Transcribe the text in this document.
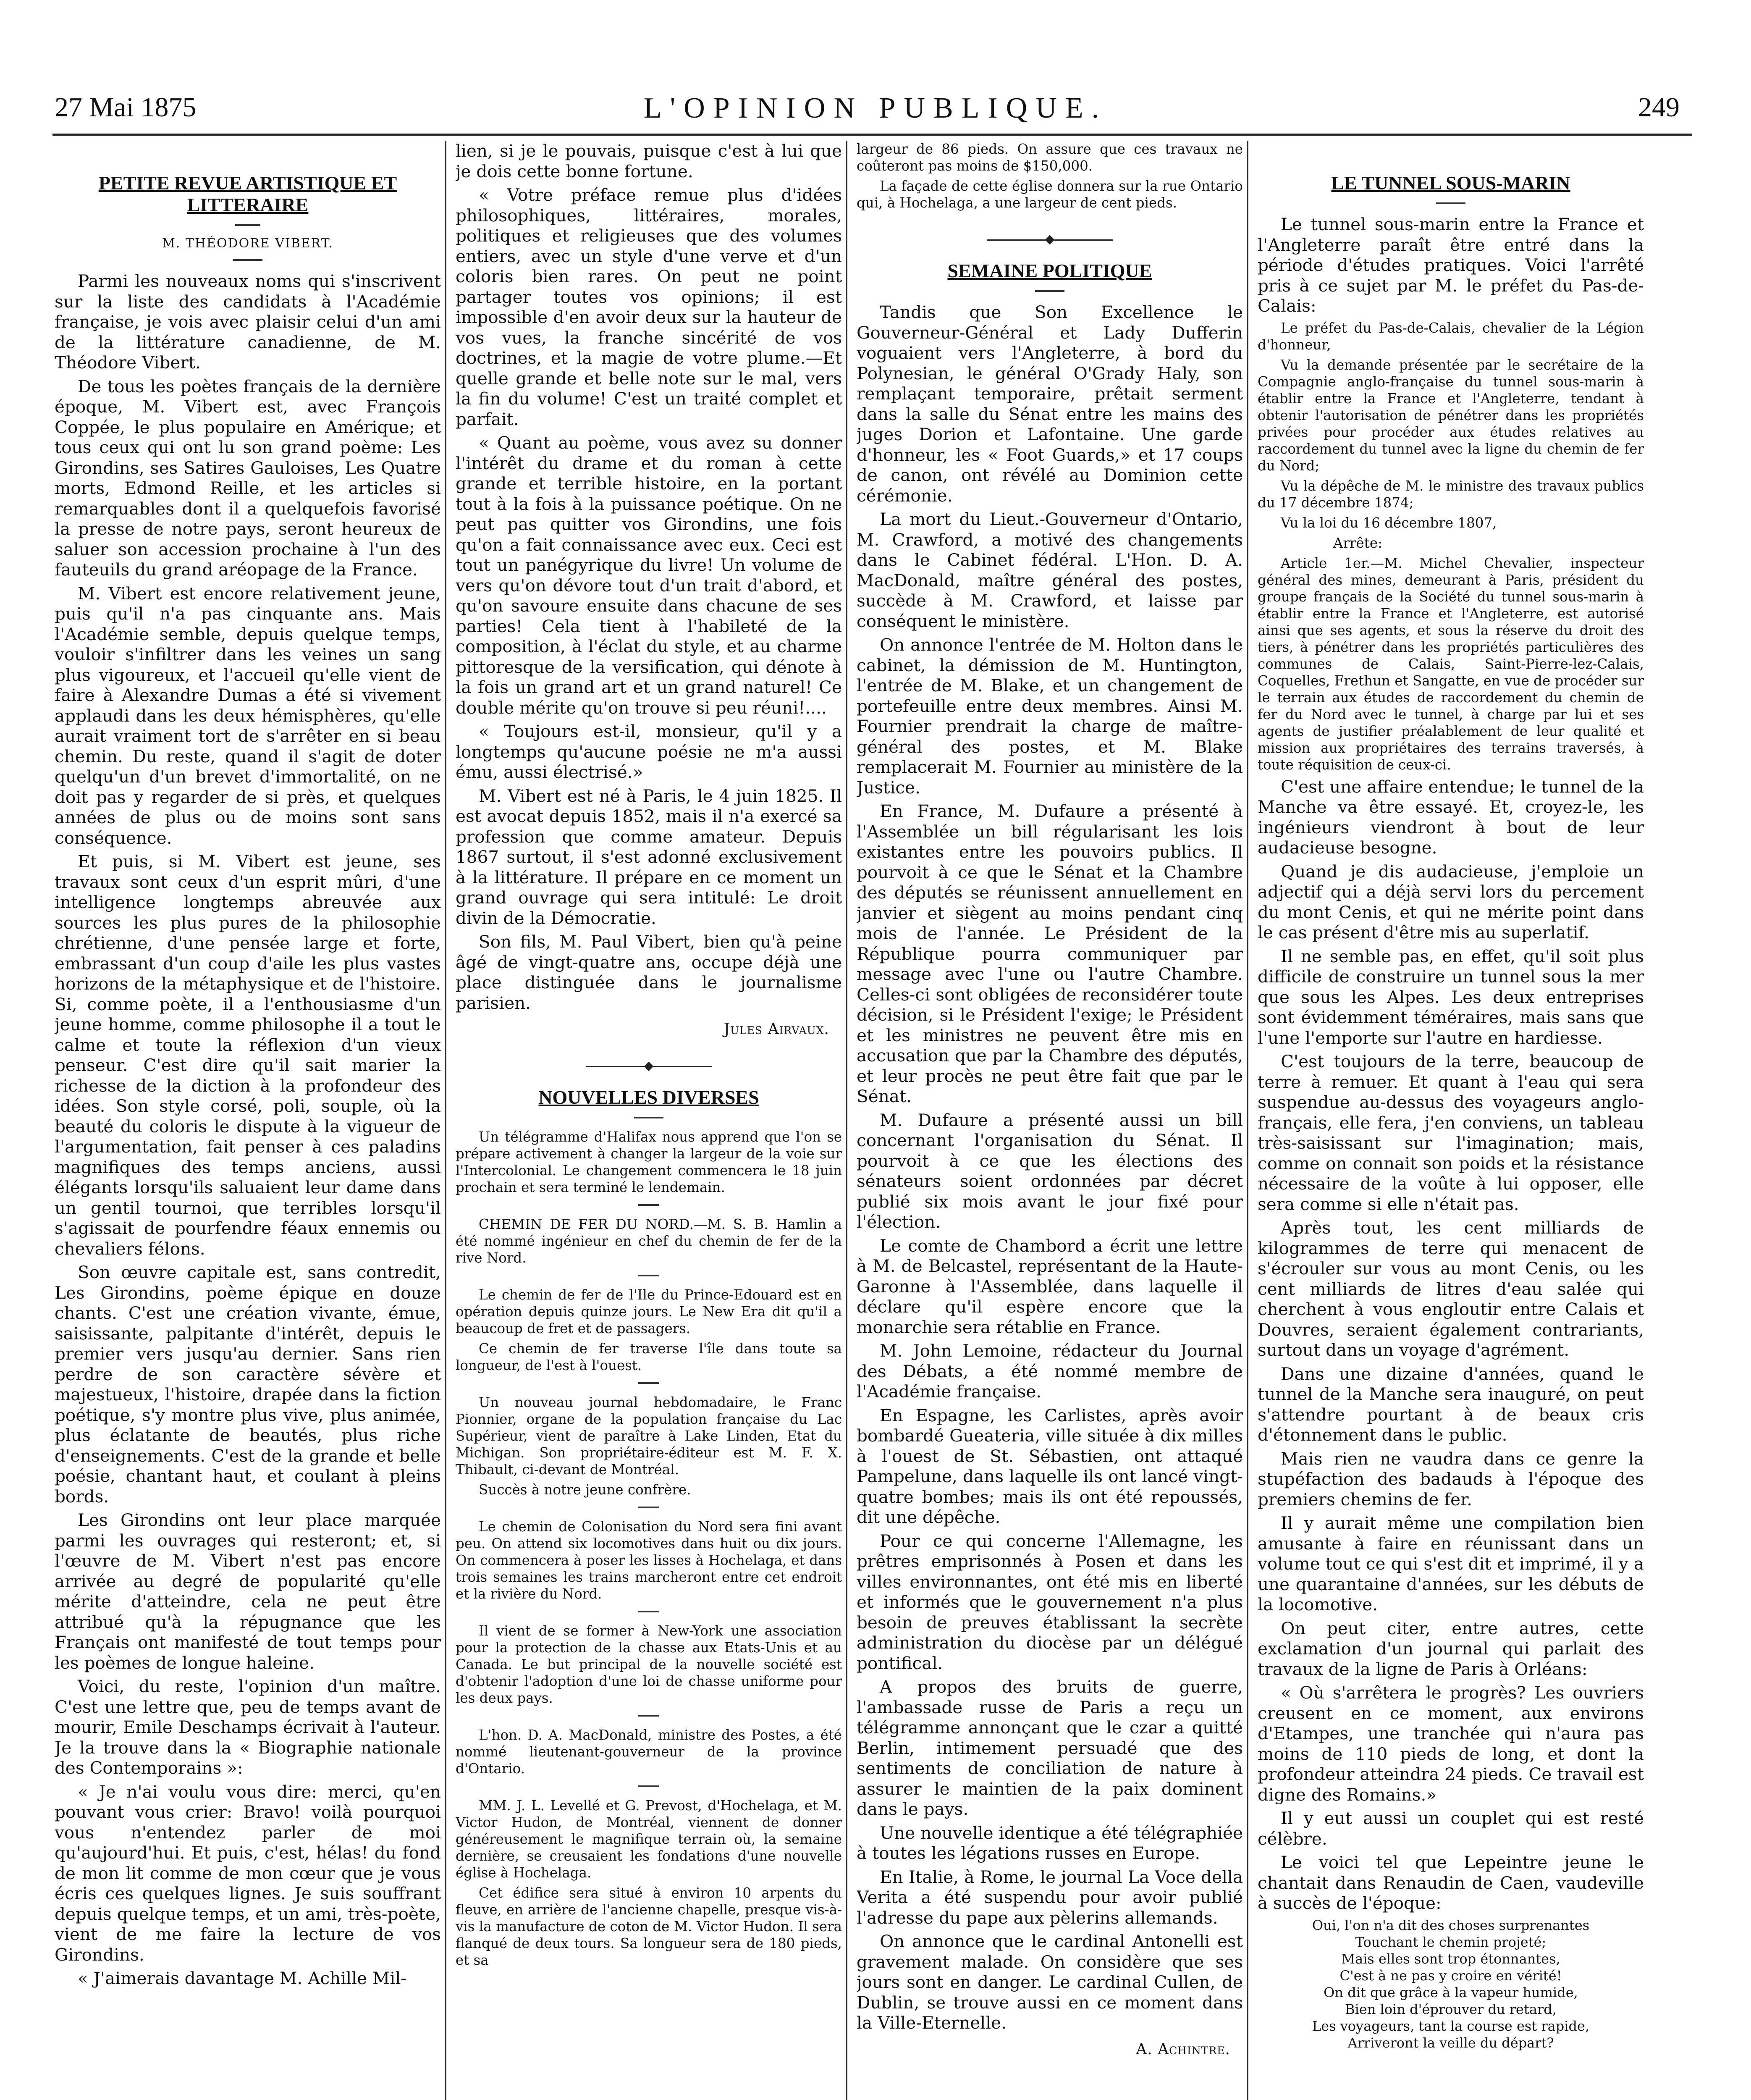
27 Mai 1875	L'OPINION PUBLIQUE.	249
PETITE REVUE ARTISTIQUE ET LITTERAIRE
M. THÉODORE VIBERT.

Parmi les nouveaux noms qui s'inscrivent sur la liste des candidats à l'Académie française, je vois avec plaisir celui d'un ami de la littérature canadienne, de M. Théodore Vibert.

De tous les poètes français de la dernière époque, M. Vibert est, avec François Coppée, le plus populaire en Amérique; et tous ceux qui ont lu son grand poème: Les Girondins, ses Satires Gauloises, Les Quatre morts, Edmond Reille, et les articles si remarquables dont il a quelquefois favorisé la presse de notre pays, seront heureux de saluer son accession prochaine à l'un des fauteuils du grand aréopage de la France.

M. Vibert est encore relativement jeune, puis qu'il n'a pas cinquante ans. Mais l'Académie semble, depuis quelque temps, vouloir s'infiltrer dans les veines un sang plus vigoureux, et l'accueil qu'elle vient de faire à Alexandre Dumas a été si vivement applaudi dans les deux hémisphères, qu'elle aurait vraiment tort de s'arrêter en si beau chemin. Du reste, quand il s'agit de doter quelqu'un d'un brevet d'immortalité, on ne doit pas y regarder de si près, et quelques années de plus ou de moins sont sans conséquence.

Et puis, si M. Vibert est jeune, ses travaux sont ceux d'un esprit mûri, d'une intelligence longtemps abreuvée aux sources les plus pures de la philosophie chrétienne, d'une pensée large et forte, embrassant d'un coup d'aile les plus vastes horizons de la métaphysique et de l'histoire. Si, comme poète, il a l'enthousiasme d'un jeune homme, comme philosophe il a tout le calme et toute la réflexion d'un vieux penseur. C'est dire qu'il sait marier la richesse de la diction à la profondeur des idées. Son style corsé, poli, souple, où la beauté du coloris le dispute à la vigueur de l'argumentation, fait penser à ces paladins magnifiques des temps anciens, aussi élégants lorsqu'ils saluaient leur dame dans un gentil tournoi, que terribles lorsqu'il s'agissait de pourfendre féaux ennemis ou chevaliers félons.

Son œuvre capitale est, sans contredit, Les Girondins, poème épique en douze chants. C'est une création vivante, émue, saisissante, palpitante d'intérêt, depuis le premier vers jusqu'au dernier. Sans rien perdre de son caractère sévère et majestueux, l'histoire, drapée dans la fiction poétique, s'y montre plus vive, plus animée, plus éclatante de beautés, plus riche d'enseignements. C'est de la grande et belle poésie, chantant haut, et coulant à pleins bords.

Les Girondins ont leur place marquée parmi les ouvrages qui resteront; et, si l'œuvre de M. Vibert n'est pas encore arrivée au degré de popularité qu'elle mérite d'atteindre, cela ne peut être attribué qu'à la répugnance que les Français ont manifesté de tout temps pour les poèmes de longue haleine.

Voici, du reste, l'opinion d'un maître. C'est une lettre que, peu de temps avant de mourir, Emile Deschamps écrivait à l'auteur. Je la trouve dans la « Biographie nationale des Contemporains »:

« Je n'ai voulu vous dire: merci, qu'en pouvant vous crier: Bravo! voilà pourquoi vous n'entendez parler de moi qu'aujourd'hui. Et puis, c'est, hélas! du fond de mon lit comme de mon cœur que je vous écris ces quelques lignes. Je suis souffrant depuis quelque temps, et un ami, très-poète, vient de me faire la lecture de vos Girondins.

« J'aimerais davantage M. Achille Mil-

lien, si je le pouvais, puisque c'est à lui que je dois cette bonne fortune.

« Votre préface remue plus d'idées philosophiques, littéraires, morales, politiques et religieuses que des volumes entiers, avec un style d'une verve et d'un coloris bien rares. On peut ne point partager toutes vos opinions; il est impossible d'en avoir deux sur la hauteur de vos vues, la franche sincérité de vos doctrines, et la magie de votre plume.—Et quelle grande et belle note sur le mal, vers la fin du volume! C'est un traité complet et parfait.

« Quant au poème, vous avez su donner l'intérêt du drame et du roman à cette grande et terrible histoire, en la portant tout à la fois à la puissance poétique. On ne peut pas quitter vos Girondins, une fois qu'on a fait connaissance avec eux. Ceci est tout un panégyrique du livre! Un volume de vers qu'on dévore tout d'un trait d'abord, et qu'on savoure ensuite dans chacune de ses parties! Cela tient à l'habileté de la composition, à l'éclat du style, et au charme pittoresque de la versification, qui dénote à la fois un grand art et un grand naturel! Ce double mérite qu'on trouve si peu réuni!....

« Toujours est-il, monsieur, qu'il y a longtemps qu'aucune poésie ne m'a aussi ému, aussi électrisé.»

M. Vibert est né à Paris, le 4 juin 1825. Il est avocat depuis 1852, mais il n'a exercé sa profession que comme amateur. Depuis 1867 surtout, il s'est adonné exclusivement à la littérature. Il prépare en ce moment un grand ouvrage qui sera intitulé: Le droit divin de la Démocratie.

Son fils, M. Paul Vibert, bien qu'à peine âgé de vingt-quatre ans, occupe déjà une place distinguée dans le journalisme parisien.

Jules Airvaux.
NOUVELLES DIVERSES

Un télégramme d'Halifax nous apprend que l'on se prépare activement à changer la largeur de la voie sur l'Intercolonial. Le changement commencera le 18 juin prochain et sera terminé le lendemain.

CHEMIN DE FER DU NORD.—M. S. B. Hamlin a été nommé ingénieur en chef du chemin de fer de la rive Nord.

Le chemin de fer de l'Ile du Prince-Edouard est en opération depuis quinze jours. Le New Era dit qu'il a beaucoup de fret et de passagers.

Ce chemin de fer traverse l'île dans toute sa longueur, de l'est à l'ouest.

Un nouveau journal hebdomadaire, le Franc Pionnier, organe de la population française du Lac Supérieur, vient de paraître à Lake Linden, Etat du Michigan. Son propriétaire-éditeur est M. F. X. Thibault, ci-devant de Montréal.

Succès à notre jeune confrère.

Le chemin de Colonisation du Nord sera fini avant peu. On attend six locomotives dans huit ou dix jours. On commencera à poser les lisses à Hochelaga, et dans trois semaines les trains marcheront entre cet endroit et la rivière du Nord.

Il vient de se former à New-York une association pour la protection de la chasse aux Etats-Unis et au Canada. Le but principal de la nouvelle société est d'obtenir l'adoption d'une loi de chasse uniforme pour les deux pays.

L'hon. D. A. MacDonald, ministre des Postes, a été nommé lieutenant-gouverneur de la province d'Ontario.

MM. J. L. Levellé et G. Prevost, d'Hochelaga, et M. Victor Hudon, de Montréal, viennent de donner généreusement le magnifique terrain où, la semaine dernière, se creusaient les fondations d'une nouvelle église à Hochelaga.

Cet édifice sera situé à environ 10 arpents du fleuve, en arrière de l'ancienne chapelle, presque vis-à-vis la manufacture de coton de M. Victor Hudon. Il sera flanqué de deux tours. Sa longueur sera de 180 pieds, et sa

largeur de 86 pieds. On assure que ces travaux ne coûteront pas moins de $150,000.

La façade de cette église donnera sur la rue Ontario qui, à Hochelaga, a une largeur de cent pieds.

SEMAINE POLITIQUE

Tandis que Son Excellence le Gouverneur-Général et Lady Dufferin voguaient vers l'Angleterre, à bord du Polynesian, le général O'Grady Haly, son remplaçant temporaire, prêtait serment dans la salle du Sénat entre les mains des juges Dorion et Lafontaine. Une garde d'honneur, les « Foot Guards,» et 17 coups de canon, ont révélé au Dominion cette cérémonie.

La mort du Lieut.-Gouverneur d'Ontario, M. Crawford, a motivé des changements dans le Cabinet fédéral. L'Hon. D. A. MacDonald, maître général des postes, succède à M. Crawford, et laisse par conséquent le ministère.

On annonce l'entrée de M. Holton dans le cabinet, la démission de M. Huntington, l'entrée de M. Blake, et un changement de portefeuille entre deux membres. Ainsi M. Fournier prendrait la charge de maître-général des postes, et M. Blake remplacerait M. Fournier au ministère de la Justice.

En France, M. Dufaure a présenté à l'Assemblée un bill régularisant les lois existantes entre les pouvoirs publics. Il pourvoit à ce que le Sénat et la Chambre des députés se réunissent annuellement en janvier et siègent au moins pendant cinq mois de l'année. Le Président de la République pourra communiquer par message avec l'une ou l'autre Chambre. Celles-ci sont obligées de reconsidérer toute décision, si le Président l'exige; le Président et les ministres ne peuvent être mis en accusation que par la Chambre des députés, et leur procès ne peut être fait que par le Sénat.

M. Dufaure a présenté aussi un bill concernant l'organisation du Sénat. Il pourvoit à ce que les élections des sénateurs soient ordonnées par décret publié six mois avant le jour fixé pour l'élection.

Le comte de Chambord a écrit une lettre à M. de Belcastel, représentant de la Haute-Garonne à l'Assemblée, dans laquelle il déclare qu'il espère encore que la monarchie sera rétablie en France.

M. John Lemoine, rédacteur du Journal des Débats, a été nommé membre de l'Académie française.

En Espagne, les Carlistes, après avoir bombardé Gueateria, ville située à dix milles à l'ouest de St. Sébastien, ont attaqué Pampelune, dans laquelle ils ont lancé vingt-quatre bombes; mais ils ont été repoussés, dit une dépêche.

Pour ce qui concerne l'Allemagne, les prêtres emprisonnés à Posen et dans les villes environnantes, ont été mis en liberté et informés que le gouvernement n'a plus besoin de preuves établissant la secrète administration du diocèse par un délégué pontifical.

A propos des bruits de guerre, l'ambassade russe de Paris a reçu un télégramme annonçant que le czar a quitté Berlin, intimement persuadé que des sentiments de conciliation de nature à assurer le maintien de la paix dominent dans le pays.

Une nouvelle identique a été télégraphiée à toutes les légations russes en Europe.

En Italie, à Rome, le journal La Voce della Verita a été suspendu pour avoir publié l'adresse du pape aux pèlerins allemands.

On annonce que le cardinal Antonelli est gravement malade. On considère que ses jours sont en danger. Le cardinal Cullen, de Dublin, se trouve aussi en ce moment dans la Ville-Eternelle.

A. Achintre.
LE TUNNEL SOUS-MARIN

Le tunnel sous-marin entre la France et l'Angleterre paraît être entré dans la période d'études pratiques. Voici l'arrêté pris à ce sujet par M. le préfet du Pas-de-Calais:

Le préfet du Pas-de-Calais, chevalier de la Légion d'honneur,

Vu la demande présentée par le secrétaire de la Compagnie anglo-française du tunnel sous-marin à établir entre la France et l'Angleterre, tendant à obtenir l'autorisation de pénétrer dans les propriétés privées pour procéder aux études relatives au raccordement du tunnel avec la ligne du chemin de fer du Nord;

Vu la dépêche de M. le ministre des travaux publics du 17 décembre 1874;

Vu la loi du 16 décembre 1807,

Arrête:

Article 1er.—M. Michel Chevalier, inspecteur général des mines, demeurant à Paris, président du groupe français de la Société du tunnel sous-marin à établir entre la France et l'Angleterre, est autorisé ainsi que ses agents, et sous la réserve du droit des tiers, à pénétrer dans les propriétés particulières des communes de Calais, Saint-Pierre-lez-Calais, Coquelles, Frethun et Sangatte, en vue de procéder sur le terrain aux études de raccordement du chemin de fer du Nord avec le tunnel, à charge par lui et ses agents de justifier préalablement de leur qualité et mission aux propriétaires des terrains traversés, à toute réquisition de ceux-ci.

C'est une affaire entendue; le tunnel de la Manche va être essayé. Et, croyez-le, les ingénieurs viendront à bout de leur audacieuse besogne.

Quand je dis audacieuse, j'emploie un adjectif qui a déjà servi lors du percement du mont Cenis, et qui ne mérite point dans le cas présent d'être mis au superlatif.

Il ne semble pas, en effet, qu'il soit plus difficile de construire un tunnel sous la mer que sous les Alpes. Les deux entreprises sont évidemment téméraires, mais sans que l'une l'emporte sur l'autre en hardiesse.

C'est toujours de la terre, beaucoup de terre à remuer. Et quant à l'eau qui sera suspendue au-dessus des voyageurs anglo-français, elle fera, j'en conviens, un tableau très-saisissant sur l'imagination; mais, comme on connait son poids et la résistance nécessaire de la voûte à lui opposer, elle sera comme si elle n'était pas.

Après tout, les cent milliards de kilogrammes de terre qui menacent de s'écrouler sur vous au mont Cenis, ou les cent milliards de litres d'eau salée qui cherchent à vous engloutir entre Calais et Douvres, seraient également contrariants, surtout dans un voyage d'agrément.

Dans une dizaine d'années, quand le tunnel de la Manche sera inauguré, on peut s'attendre pourtant à de beaux cris d'étonnement dans le public.

Mais rien ne vaudra dans ce genre la stupéfaction des badauds à l'époque des premiers chemins de fer.

Il y aurait même une compilation bien amusante à faire en réunissant dans un volume tout ce qui s'est dit et imprimé, il y a une quarantaine d'années, sur les débuts de la locomotive.

On peut citer, entre autres, cette exclamation d'un journal qui parlait des travaux de la ligne de Paris à Orléans:

« Où s'arrêtera le progrès? Les ouvriers creusent en ce moment, aux environs d'Etampes, une tranchée qui n'aura pas moins de 110 pieds de long, et dont la profondeur atteindra 24 pieds. Ce travail est digne des Romains.»

Il y eut aussi un couplet qui est resté célèbre.

Le voici tel que Lepeintre jeune le chantait dans Renaudin de Caen, vaudeville à succès de l'époque:

Oui, l'on n'a dit des choses surprenantes
Touchant le chemin projeté;
Mais elles sont trop étonnantes,
C'est à ne pas y croire en vérité!
On dit que grâce à la vapeur humide,
Bien loin d'éprouver du retard,
Les voyageurs, tant la course est rapide,
Arriveront la veille du départ?
